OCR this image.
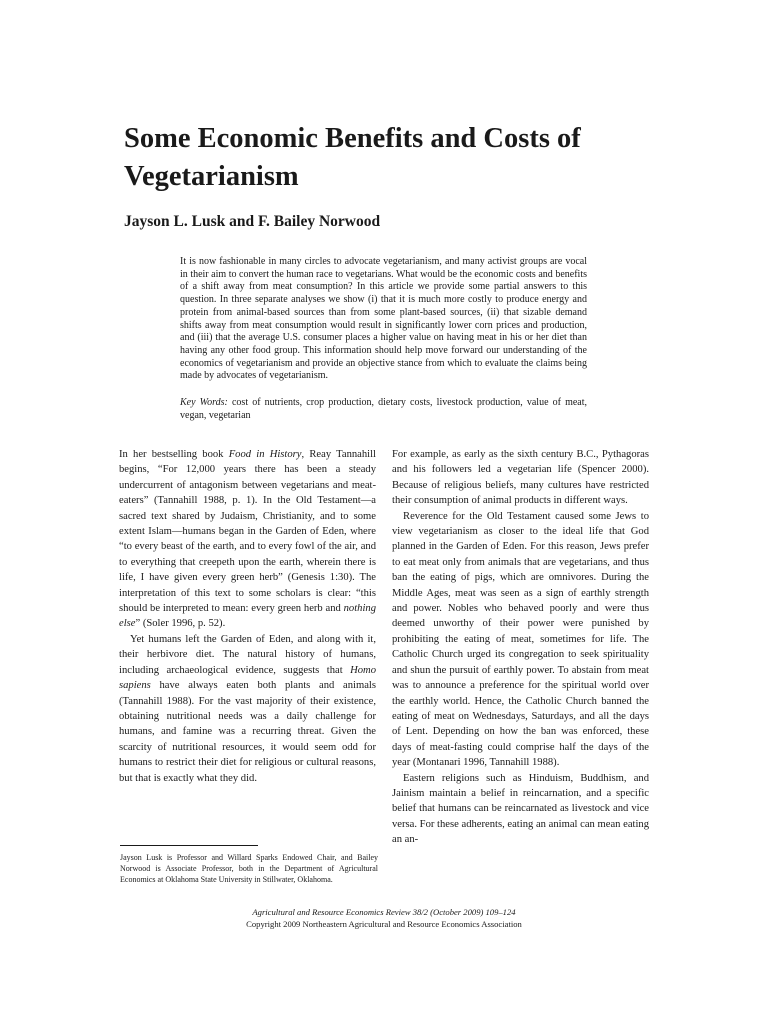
Some Economic Benefits and Costs of Vegetarianism
Jayson L. Lusk and F. Bailey Norwood

It is now fashionable in many circles to advocate vegetarianism, and many activist groups are vocal in their aim to convert the human race to vegetarians. What would be the economic costs and benefits of a shift away from meat consumption? In this article we provide some partial answers to this question. In three separate analyses we show (i) that it is much more costly to produce energy and protein from animal-based sources than from some plant-based sources, (ii) that sizable demand shifts away from meat consumption would result in significantly lower corn prices and production, and (iii) that the average U.S. consumer places a higher value on having meat in his or her diet than having any other food group. This information should help move forward our understanding of the economics of vegetarianism and provide an objective stance from which to evaluate the claims being made by advocates of vegetarianism.

Key Words: cost of nutrients, crop production, dietary costs, livestock production, value of meat, vegan, vegetarian

In her bestselling book Food in History, Reay Tannahill begins, “For 12,000 years there has been a steady undercurrent of antagonism between vegetarians and meat-eaters” (Tannahill 1988, p. 1). In the Old Testament—a sacred text shared by Judaism, Christianity, and to some extent Islam—humans began in the Garden of Eden, where “to every beast of the earth, and to every fowl of the air, and to everything that creepeth upon the earth, wherein there is life, I have given every green herb” (Genesis 1:30). The interpretation of this text to some scholars is clear: “this should be interpreted to mean: every green herb and nothing else” (Soler 1996, p. 52).

Yet humans left the Garden of Eden, and along with it, their herbivore diet. The natural history of humans, including archaeological evidence, suggests that Homo sapiens have always eaten both plants and animals (Tannahill 1988). For the vast majority of their existence, obtaining nutritional needs was a daily challenge for humans, and famine was a recurring threat. Given the scarcity of nutritional resources, it would seem odd for humans to restrict their diet for religious or cultural reasons, but that is exactly what they did.

For example, as early as the sixth century B.C., Pythagoras and his followers led a vegetarian life (Spencer 2000). Because of religious beliefs, many cultures have restricted their consumption of animal products in different ways.

Reverence for the Old Testament caused some Jews to view vegetarianism as closer to the ideal life that God planned in the Garden of Eden. For this reason, Jews prefer to eat meat only from animals that are vegetarians, and thus ban the eating of pigs, which are omnivores. During the Middle Ages, meat was seen as a sign of earthly strength and power. Nobles who behaved poorly and were thus deemed unworthy of their power were punished by prohibiting the eating of meat, sometimes for life. The Catholic Church urged its congregation to seek spirituality and shun the pursuit of earthly power. To abstain from meat was to announce a preference for the spiritual world over the earthly world. Hence, the Catholic Church banned the eating of meat on Wednesdays, Saturdays, and all the days of Lent. Depending on how the ban was enforced, these days of meat-fasting could comprise half the days of the year (Montanari 1996, Tannahill 1988).

Eastern religions such as Hinduism, Buddhism, and Jainism maintain a belief in reincarnation, and a specific belief that humans can be reincarnated as livestock and vice versa. For these adherents, eating an animal can mean eating an an-

Jayson Lusk is Professor and Willard Sparks Endowed Chair, and Bailey Norwood is Associate Professor, both in the Department of Agricultural Economics at Oklahoma State University in Stillwater, Oklahoma.

Agricultural and Resource Economics Review 38/2 (October 2009) 109–124
Copyright 2009 Northeastern Agricultural and Resource Economics Association
